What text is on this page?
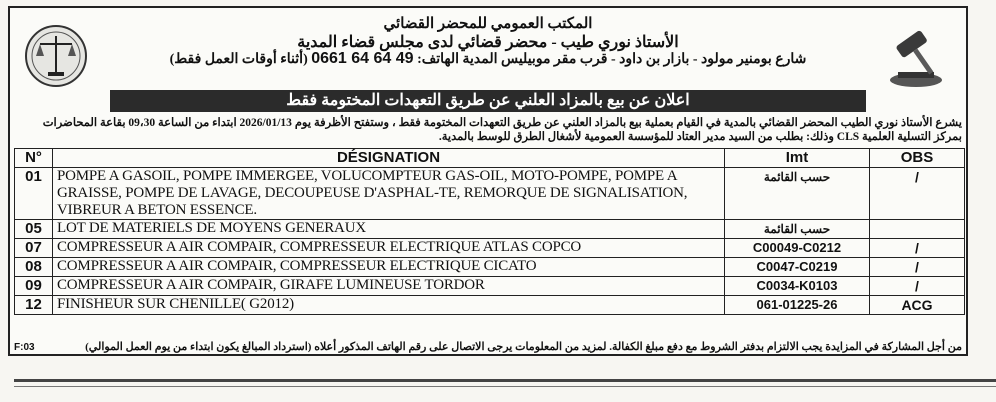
المكتب العمومي للمحضر القضائي
الأستاذ نوري طيب - محضر قضائي لدى مجلس قضاء المدية
شارع بومنير مولود - بازار بن داود - قرب مقر موبيليس المدية الهاتف: 0661 64 64 49 (أثناء أوقات العمل فقط)
اعلان عن بيع بالمزاد العلني عن طريق التعهدات المختومة فقط
يشرع الأستاذ نوري الطيب المحضر القضائي بالمدية في القيام بعملية بيع بالمزاد العلني عن طريق التعهدات المختومة فقط ، وستفتح الأظرفة يوم 2026/01/13 ابتداء من الساعة 09،30 بقاعة المحاضرات بمركز التسلية العلمية CLS وذلك: بطلب من السيد مدير العتاد للمؤسسة العمومية لأشغال الطرق للوسط بالمدية.
N°	DÉSIGNATION	Imt	OBS
01	POMPE A GASOIL, POMPE IMMERGEE, VOLUCOMPTEUR GAS-OIL, MOTO-POMPE, POMPE A GRAISSE, POMPE DE LAVAGE, DECOUPEUSE D'ASPHAL-TE, REMORQUE DE SIGNALISATION, VIBREUR A BETON ESSENCE.	حسب القائمة	/
05	LOT DE MATERIELS DE MOYENS GENERAUX	حسب القائمة	
07	COMPRESSEUR A AIR COMPAIR, COMPRESSEUR ELECTRIQUE ATLAS COPCO	C00049-C0212	/
08	COMPRESSEUR A AIR COMPAIR, COMPRESSEUR ELECTRIQUE CICATO	C0047-C0219	/
09	COMPRESSEUR A AIR COMPAIR, GIRAFE LUMINEUSE TORDOR	C0034-K0103	/
12	FINISHEUR SUR CHENILLE( G2012)	061-01225-26	ACG
F:03	من أجل المشاركة في المزايدة يجب الالتزام بدفتر الشروط مع دفع مبلغ الكفالة. لمزيد من المعلومات يرجى الاتصال على رقم الهاتف المذكور أعلاه (استرداد المبالغ يكون ابتداء من يوم العمل الموالي)
